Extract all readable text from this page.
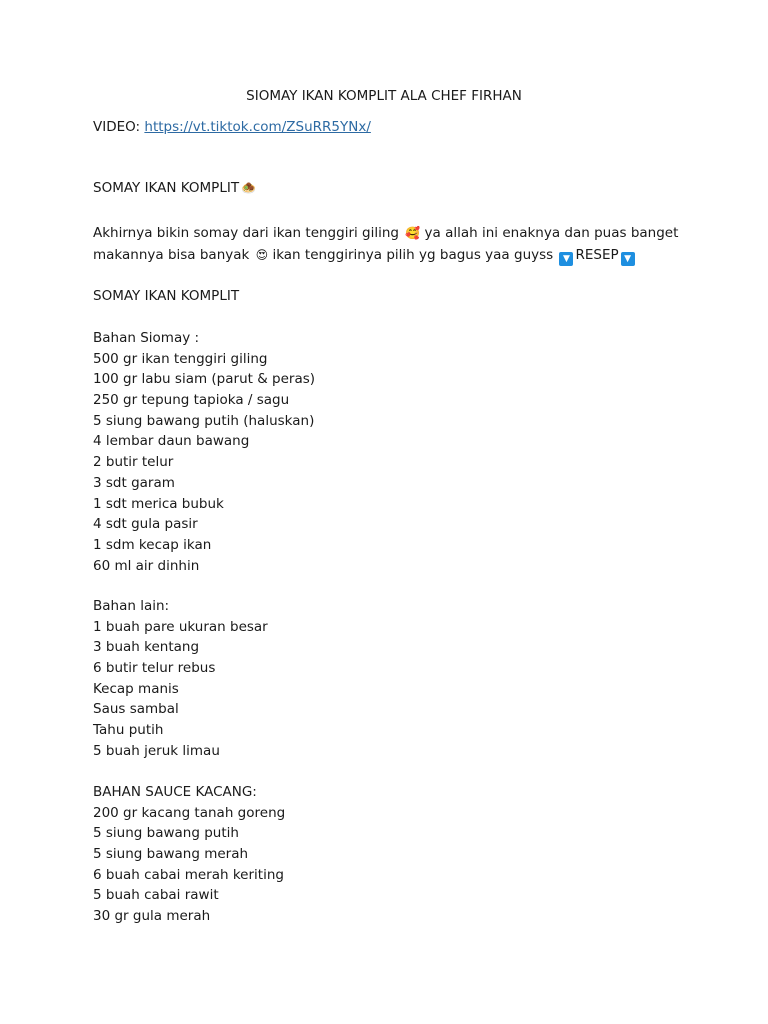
SIOMAY IKAN KOMPLIT ALA CHEF FIRHAN
VIDEO: https://vt.tiktok.com/ZSuRR5YNx/
SOMAY IKAN KOMPLIT 🧆
Akhirnya bikin somay dari ikan tenggiri giling 🥰 ya allah ini enaknya dan puas banget
makannya bisa banyak 😍 ikan tenggirinya pilih yg bagus yaa guyss ▼ RESEP ▼
SOMAY IKAN KOMPLIT
Bahan Siomay :
500 gr ikan tenggiri giling
100 gr labu siam (parut & peras)
250 gr tepung tapioka / sagu
5 siung bawang putih (haluskan)
4 lembar daun bawang
2 butir telur
3 sdt garam
1 sdt merica bubuk
4 sdt gula pasir
1 sdm kecap ikan
60 ml air dinhin
Bahan lain:
1 buah pare ukuran besar
3 buah kentang
6 butir telur rebus
Kecap manis
Saus sambal
Tahu putih
5 buah jeruk limau
BAHAN SAUCE KACANG:
200 gr kacang tanah goreng
5 siung bawang putih
5 siung bawang merah
6 buah cabai merah keriting
5 buah cabai rawit
30 gr gula merah
